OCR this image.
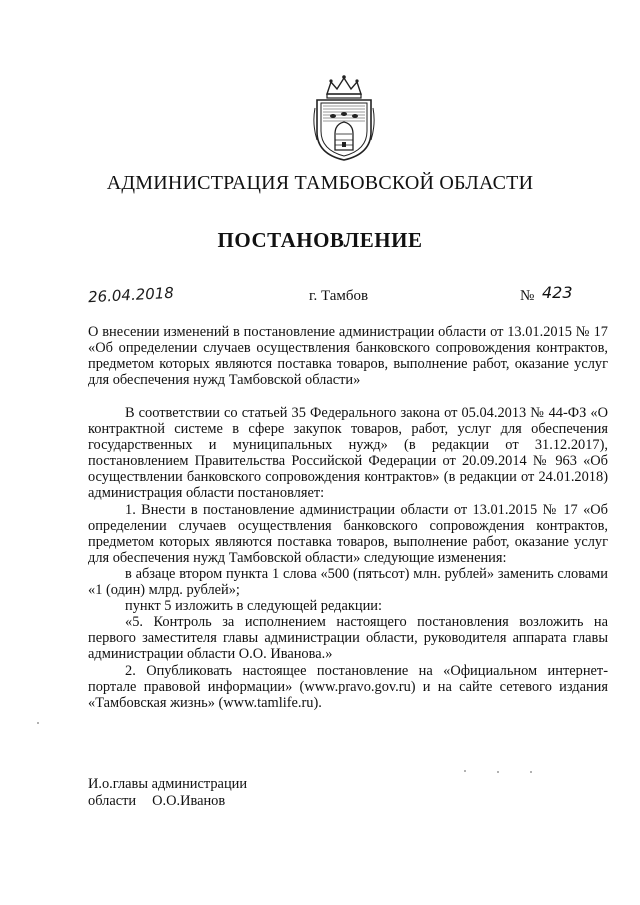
АДМИНИСТРАЦИЯ ТАМБОВСКОЙ ОБЛАСТИ
ПОСТАНОВЛЕНИЕ
26.04.2018	г. Тамбов	№ 423

О внесении изменений в постановление администрации области от 13.01.2015 № 17 «Об определении случаев осуществления банковского сопровождения контрактов, предметом которых являются поставка товаров, выполнение работ, оказание услуг для обеспечения нужд Тамбовской области»

В соответствии со статьей 35 Федерального закона от 05.04.2013 № 44-ФЗ «О контрактной системе в сфере закупок товаров, работ, услуг для обеспечения государственных и муниципальных нужд» (в редакции от 31.12.2017), постановлением Правительства Российской Федерации от 20.09.2014 № 963 «Об осуществлении банковского сопровождения контрактов» (в редакции от 24.01.2018) администрация области постановляет:

1. Внести в постановление администрации области от 13.01.2015 № 17 «Об определении случаев осуществления банковского сопровождения контрактов, предметом которых являются поставка товаров, выполнение работ, оказание услуг для обеспечения нужд Тамбовской области» следующие изменения:

в абзаце втором пункта 1 слова «500 (пятьсот) млн. рублей» заменить словами «1 (один) млрд. рублей»;

пункт 5 изложить в следующей редакции:

«5. Контроль за исполнением настоящего постановления возложить на первого заместителя главы администрации области, руководителя аппарата главы администрации области О.О. Иванова.»

2. Опубликовать настоящее постановление на «Официальном интернет-портале правовой информации» (www.pravo.gov.ru) и на сайте сетевого издания «Тамбовская жизнь» (www.tamlife.ru).

И.о.главы администрации
области О.О.Иванов
